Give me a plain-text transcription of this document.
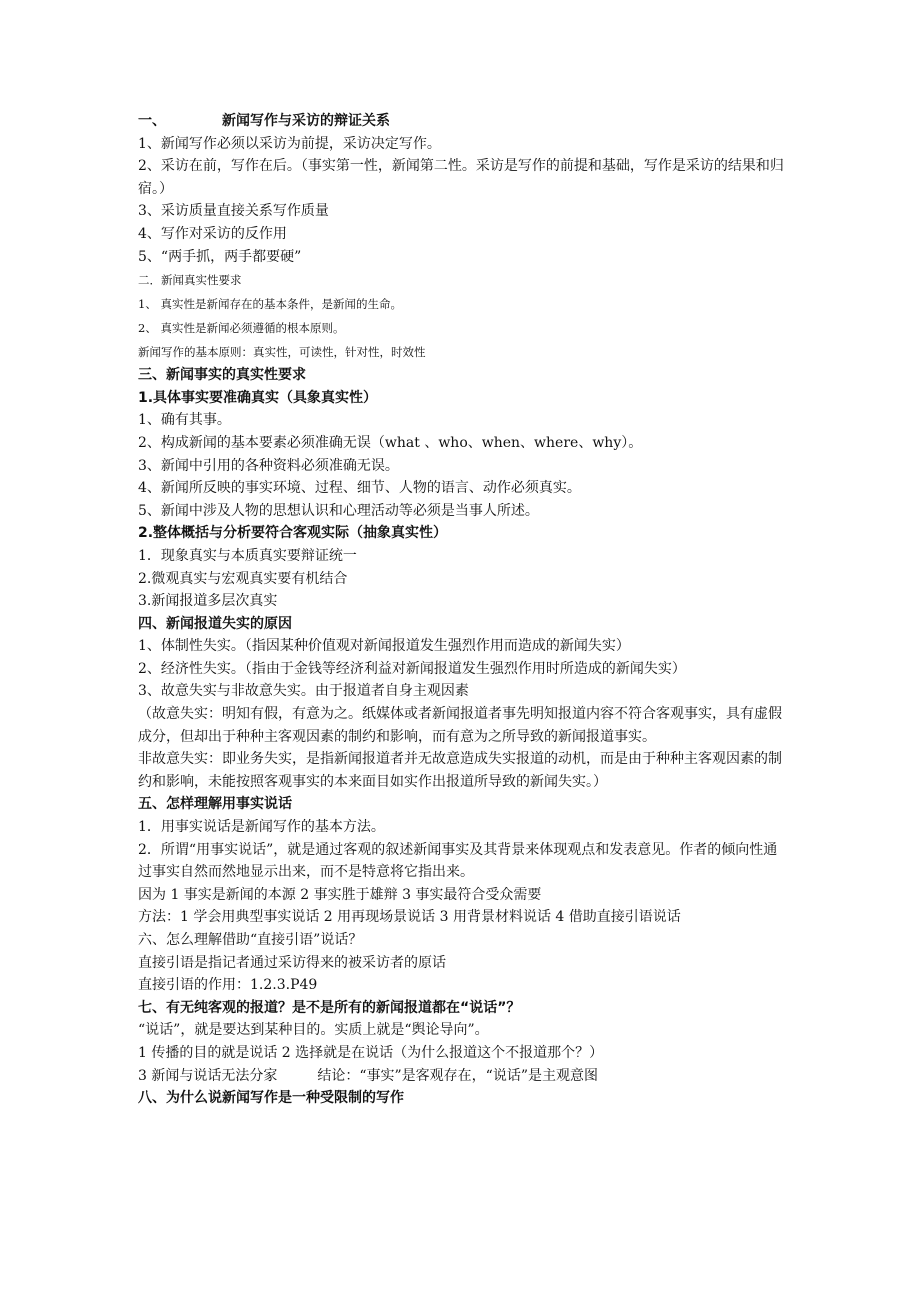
一、	新闻写作与采访的辩证关系

1、新闻写作必须以采访为前提，采访决定写作。

2、采访在前，写作在后。（事实第一性，新闻第二性。采访是写作的前提和基础，写作是采访的结果和归宿。）

3、采访质量直接关系写作质量

4、写作对采访的反作用

5、“两手抓，两手都要硬”

二．新闻真实性要求

1、 真实性是新闻存在的基本条件，是新闻的生命。

2、 真实性是新闻必须遵循的根本原则。

新闻写作的基本原则：真实性，可读性，针对性，时效性

三、新闻事实的真实性要求

1.具体事实要准确真实（具象真实性）

1、确有其事。

2、构成新闻的基本要素必须准确无误（what 、who、when、where、why）。

3、新闻中引用的各种资料必须准确无误。

4、新闻所反映的事实环境、过程、细节、人物的语言、动作必须真实。

5、新闻中涉及人物的思想认识和心理活动等必须是当事人所述。

2.整体概括与分析要符合客观实际（抽象真实性）

1．现象真实与本质真实要辩证统一

2.微观真实与宏观真实要有机结合

3.新闻报道多层次真实

四、新闻报道失实的原因

1、体制性失实。（指因某种价值观对新闻报道发生强烈作用而造成的新闻失实）

2、经济性失实。（指由于金钱等经济利益对新闻报道发生强烈作用时所造成的新闻失实）

3、故意失实与非故意失实。由于报道者自身主观因素

（故意失实：明知有假，有意为之。纸媒体或者新闻报道者事先明知报道内容不符合客观事实，具有虚假成分，但却出于种种主客观因素的制约和影响，而有意为之所导致的新闻报道事实。

非故意失实：即业务失实，是指新闻报道者并无故意造成失实报道的动机，而是由于种种主客观因素的制约和影响，未能按照客观事实的本来面目如实作出报道所导致的新闻失实。）

五、怎样理解用事实说话

1．用事实说话是新闻写作的基本方法。

2．所谓“用事实说话”，就是通过客观的叙述新闻事实及其背景来体现观点和发表意见。作者的倾向性通过事实自然而然地显示出来，而不是特意将它指出来。

因为 1 事实是新闻的本源 2 事实胜于雄辩 3 事实最符合受众需要

方法：1 学会用典型事实说话 2 用再现场景说话 3 用背景材料说话 4 借助直接引语说话

六、怎么理解借助“直接引语”说话？

直接引语是指记者通过采访得来的被采访者的原话

直接引语的作用：1.2.3.P49

七、有无纯客观的报道？是不是所有的新闻报道都在“说话”？

“说话”，就是要达到某种目的。实质上就是“舆论导向”。

1 传播的目的就是说话 2 选择就是在说话（为什么报道这个不报道那个？）

3 新闻与说话无法分家	结论：“事实”是客观存在，“说话”是主观意图

八、为什么说新闻写作是一种受限制的写作
